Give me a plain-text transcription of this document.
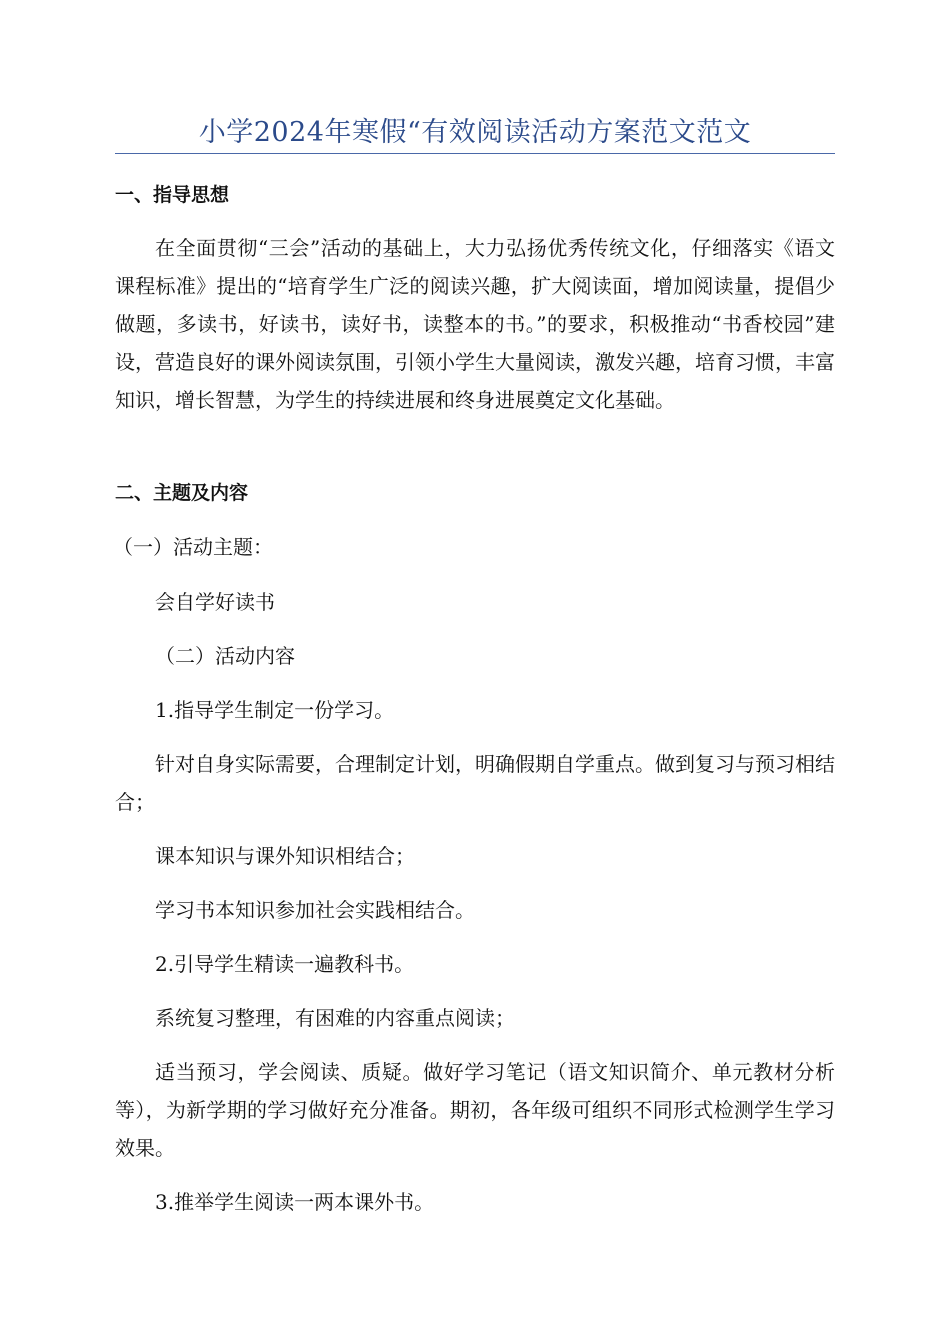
小学2024年寒假“有效阅读活动方案范文范文

一、指导思想

在全面贯彻“三会”活动的基础上，大力弘扬优秀传统文化，仔细落实《语文课程标准》提出的“培育学生广泛的阅读兴趣，扩大阅读面，增加阅读量，提倡少做题，多读书，好读书，读好书，读整本的书。”的要求，积极推动“书香校园”建设，营造良好的课外阅读氛围，引领小学生大量阅读，激发兴趣，培育习惯，丰富知识，增长智慧，为学生的持续进展和终身进展奠定文化基础。

二、主题及内容

（一）活动主题：

会自学好读书

（二）活动内容

1.指导学生制定一份学习。

针对自身实际需要，合理制定计划，明确假期自学重点。做到复习与预习相结合；

课本知识与课外知识相结合；

学习书本知识参加社会实践相结合。

2.引导学生精读一遍教科书。

系统复习整理，有困难的内容重点阅读；

适当预习，学会阅读、质疑。做好学习笔记（语文知识简介、单元教材分析等），为新学期的学习做好充分准备。期初，各年级可组织不同形式检测学生学习效果。

3.推举学生阅读一两本课外书。
